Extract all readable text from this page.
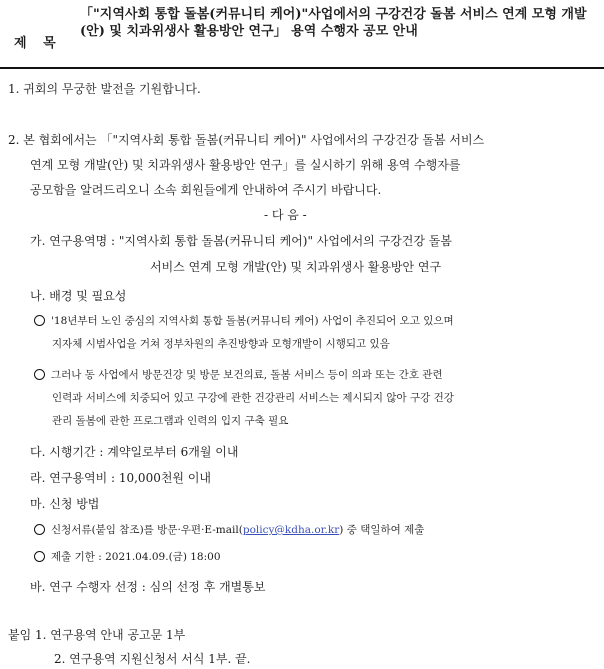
제 목
「"지역사회 통합 돌봄(커뮤니티 케어)"사업에서의 구강건강 돌봄 서비스 연계 모형 개발(안) 및 치과위생사 활용방안 연구」 용역 수행자 공모 안내
1. 귀회의 무궁한 발전을 기원합니다.
2. 본 협회에서는 「"지역사회 통합 돌봄(커뮤니티 케어)" 사업에서의 구강건강 돌봄 서비스
연계 모형 개발(안) 및 치과위생사 활용방안 연구」를 실시하기 위해 용역 수행자를
공모함을 알려드리오니 소속 회원들에게 안내하여 주시기 바랍니다.
- 다 음 -
가. 연구용역명 : "지역사회 통합 돌봄(커뮤니티 케어)" 사업에서의 구강건강 돌봄
서비스 연계 모형 개발(안) 및 치과위생사 활용방안 연구
나. 배경 및 필요성
'18년부터 노인 중심의 지역사회 통합 돌봄(커뮤니티 케어) 사업이 추진되어 오고 있으며
지자체 시범사업을 거쳐 정부차원의 추진방향과 모형개발이 시행되고 있음
그러나 동 사업에서 방문건강 및 방문 보건의료, 돌봄 서비스 등이 의과 또는 간호 관련
인력과 서비스에 치중되어 있고 구강에 관한 건강관리 서비스는 제시되지 않아 구강 건강
관리 돌봄에 관한 프로그램과 인력의 입지 구축 필요
다. 시행기간 : 계약일로부터 6개월 이내
라. 연구용역비 : 10,000천원 이내
마. 신청 방법
신청서류(붙임 참조)를 방문·우편·E-mail(policy@kdha.or.kr) 중 택일하여 제출
제출 기한 : 2021.04.09.(금) 18:00
바. 연구 수행자 선정 : 심의 선정 후 개별통보
붙임 1. 연구용역 안내 공고문 1부
2. 연구용역 지원신청서 서식 1부. 끝.
